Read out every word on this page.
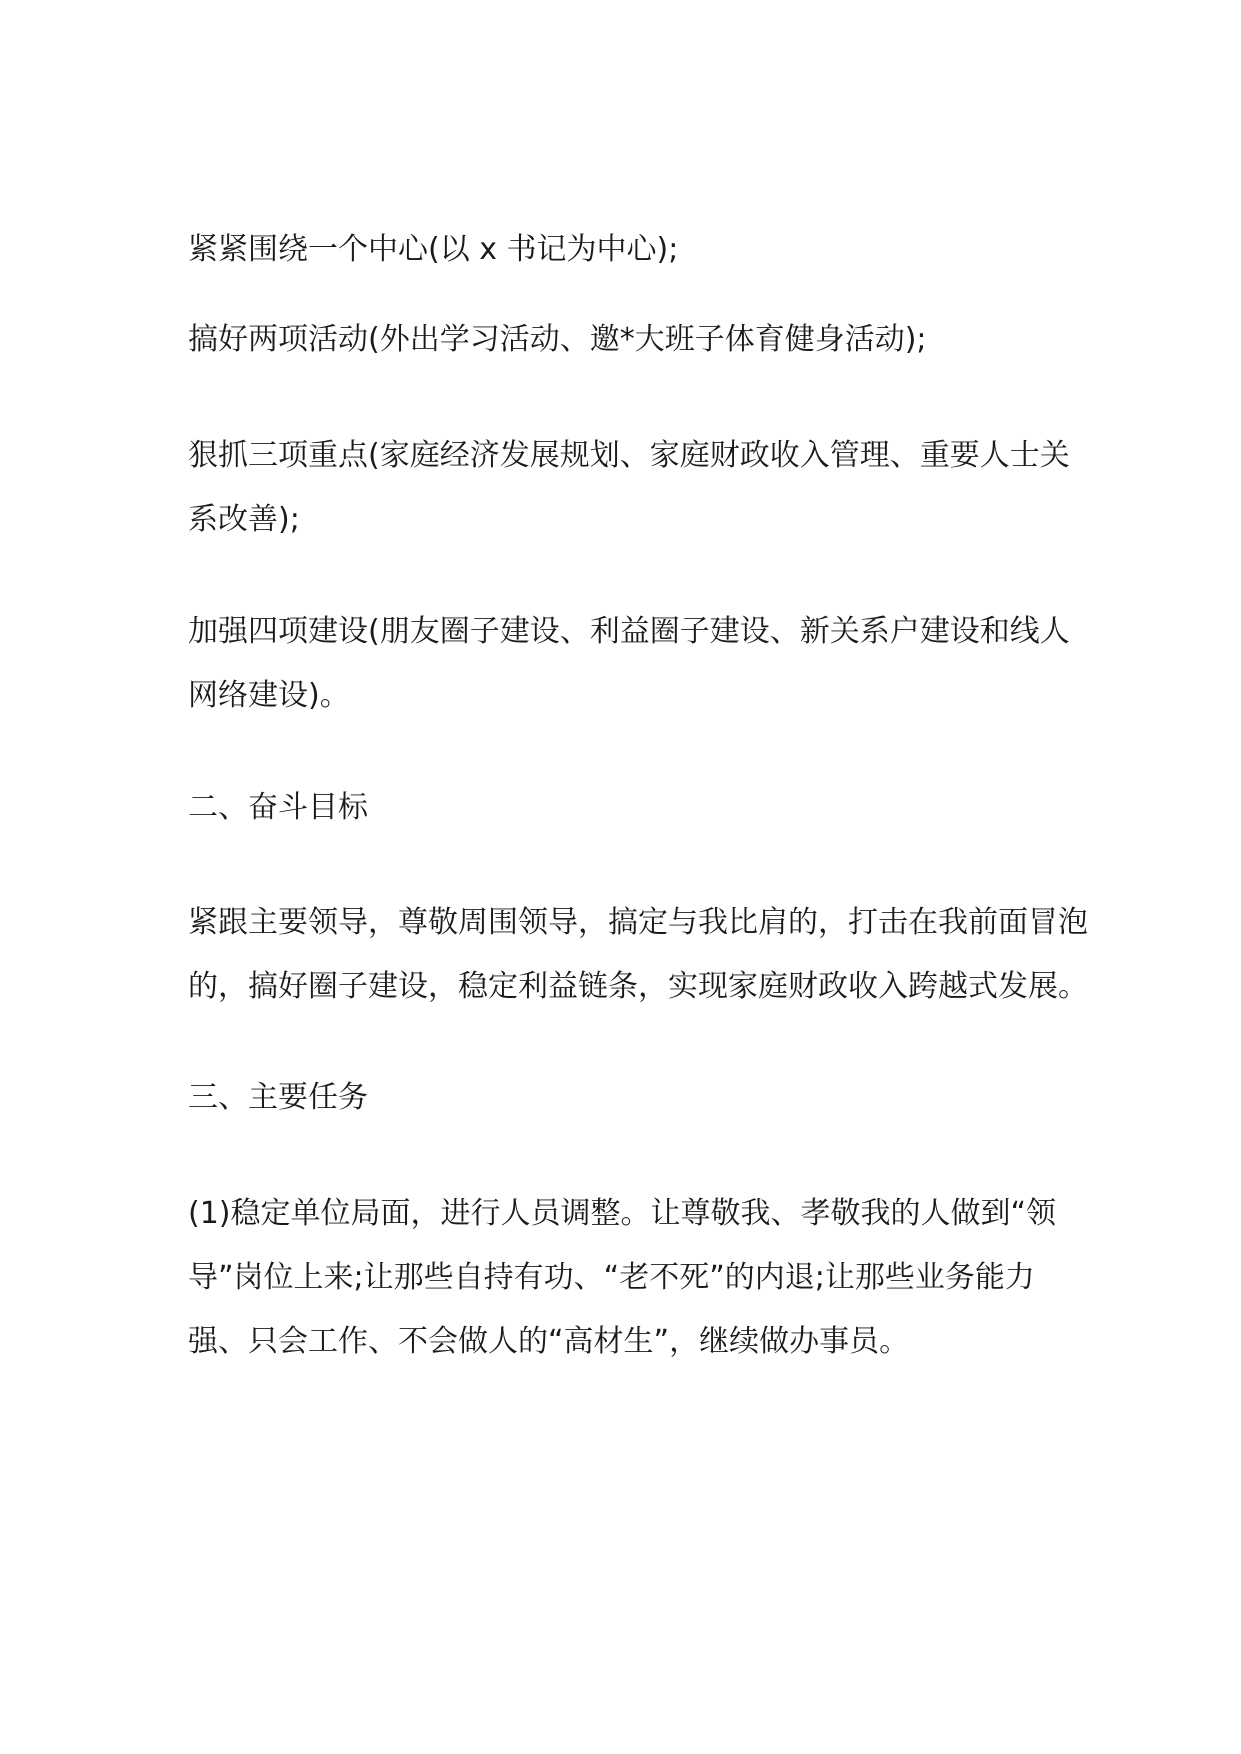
紧紧围绕一个中心(以 x 书记为中心);

搞好两项活动(外出学习活动、邀*大班子体育健身活动);

狠抓三项重点(家庭经济发展规划、家庭财政收入管理、重要人士关
系改善);

加强四项建设(朋友圈子建设、利益圈子建设、新关系户建设和线人
网络建设)。

二、奋斗目标

紧跟主要领导，尊敬周围领导，搞定与我比肩的，打击在我前面冒泡
的，搞好圈子建设，稳定利益链条，实现家庭财政收入跨越式发展。

三、主要任务

(1)稳定单位局面，进行人员调整。让尊敬我、孝敬我的人做到“领
导”岗位上来;让那些自持有功、“老不死”的内退;让那些业务能力
强、只会工作、不会做人的“高材生”，继续做办事员。
